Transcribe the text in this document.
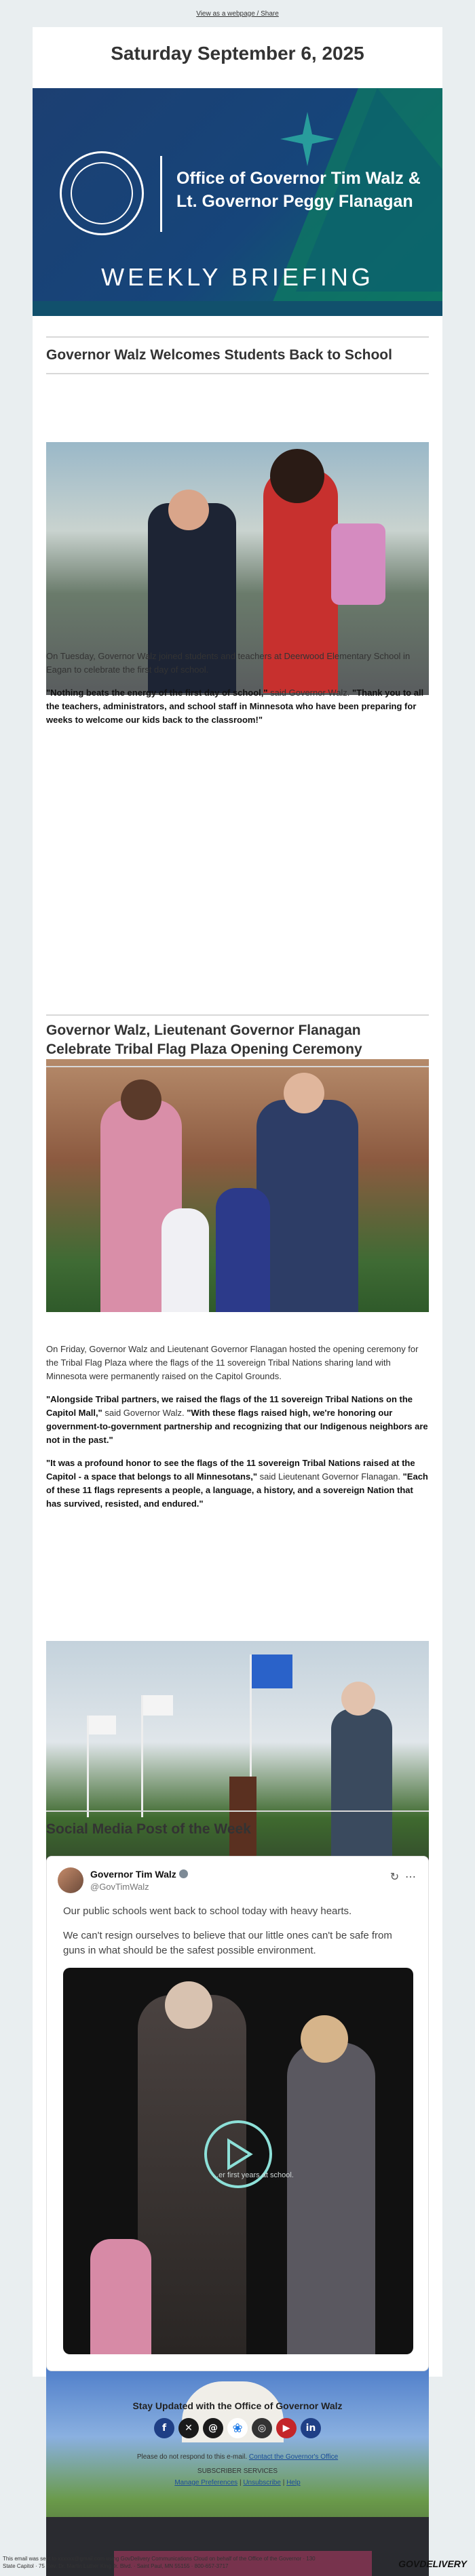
View as a webpage / Share
Saturday September 6, 2025
Office of Governor Tim Walz &
Lt. Governor Peggy Flanagan
WEEKLY BRIEFING
Governor Walz Welcomes Students Back to School

On Tuesday, Governor Walz joined students and teachers at Deerwood Elementary School in Eagan to celebrate the first day of school.

"Nothing beats the energy of the first day of school," said Governor Walz. "Thank you to all the teachers, administrators, and school staff in Minnesota who have been preparing for weeks to welcome our kids back to the classroom!"

Governor Walz, Lieutenant Governor Flanagan Celebrate Tribal Flag Plaza Opening Ceremony

On Friday, Governor Walz and Lieutenant Governor Flanagan hosted the opening ceremony for the Tribal Flag Plaza where the flags of the 11 sovereign Tribal Nations sharing land with Minnesota were permanently raised on the Capitol Grounds.

"Alongside Tribal partners, we raised the flags of the 11 sovereign Tribal Nations on the Capitol Mall," said Governor Walz. "With these flags raised high, we're honoring our government-to-government partnership and recognizing that our Indigenous neighbors are not in the past."

"It was a profound honor to see the flags of the 11 sovereign Tribal Nations raised at the Capitol - a space that belongs to all Minnesotans," said Lieutenant Governor Flanagan. "Each of these 11 flags represents a people, a language, a history, and a sovereign Nation that has survived, resisted, and endured."

Social Media Post of the Week
Governor Tim Walz
@GovTimWalz
↻ ⋯

Our public schools went back to school today with heavy hearts.

We can't resign ourselves to believe that our little ones can't be safe from guns in what should be the safest possible environment.

...er first years at school.
Stay Updated with the Office of Governor Walz
f	✕	@	❀	◎	▶	in
Please do not respond to this e-mail. Contact the Governor's Office
SUBSCRIBER SERVICES
Manage Preferences | Unsubscribe | Help
This email was sent to xxxxxx@gmail.com using GovDelivery Communications Cloud on behalf of the Office of the Governor · 130
State Capitol · 75 Rev. Dr. Martin Luther King Jr. Blvd. · Saint Paul, MN 55155 · 800-657-3717	GOVDELIVERY
